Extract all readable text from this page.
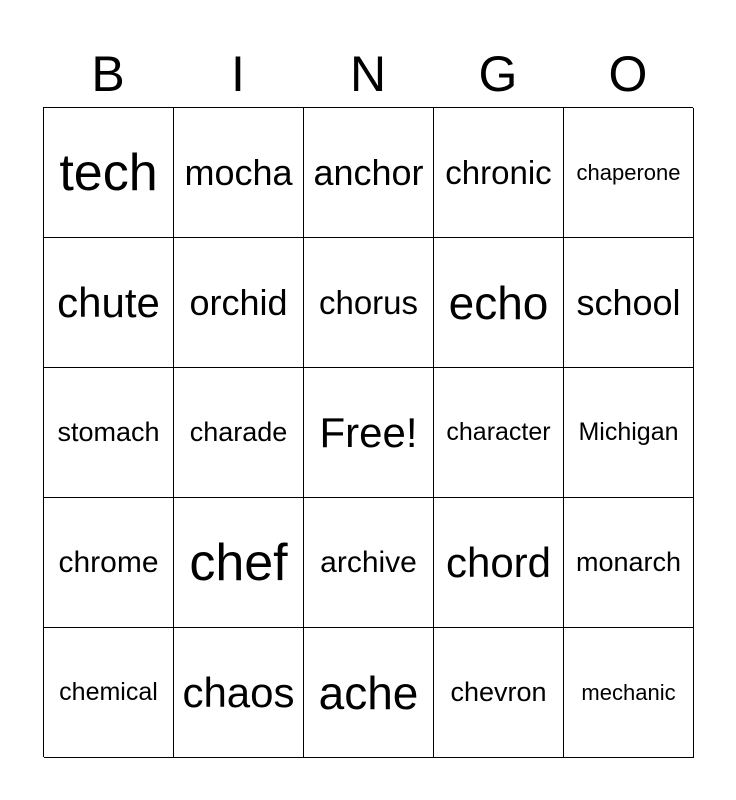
B	I	N	G	O
tech mocha anchor chronic	chaperone
chute orchid chorus echo school
stomach	charade Free!	character	Michigan
chrome chef	archive chord monarch
chemical chaos ache	chevron	mechanic
